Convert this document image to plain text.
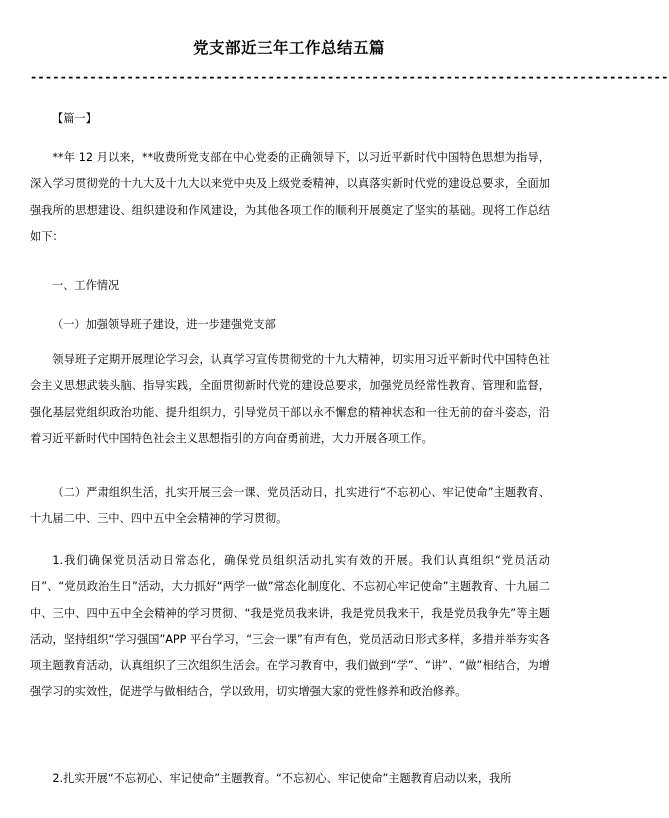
党支部近三年工作总结五篇
--------------------------------------------------------------------------------------

【篇一】

**年 12 月以来，**收费所党支部在中心党委的正确领导下，以习近平新时代中国特色思想为指导，深入学习贯彻党的十九大及十九大以来党中央及上级党委精神，以真落实新时代党的建设总要求，全面加强我所的思想建设、组织建设和作风建设，为其他各项工作的顺利开展奠定了坚实的基础。现将工作总结如下：

一、工作情况

（一）加强领导班子建设，进一步建强党支部

领导班子定期开展理论学习会，认真学习宣传贯彻党的十九大精神，切实用习近平新时代中国特色社会主义思想武装头脑、指导实践，全面贯彻新时代党的建设总要求，加强党员经常性教育、管理和监督，强化基层党组织政治功能、提升组织力，引导党员干部以永不懈怠的精神状态和一往无前的奋斗姿态，沿着习近平新时代中国特色社会主义思想指引的方向奋勇前进，大力开展各项工作。

（二）严肃组织生活，扎实开展三会一课、党员活动日，扎实进行“不忘初心、牢记使命”主题教育、十九届二中、三中、四中五中全会精神的学习贯彻。

1.我们确保党员活动日常态化，确保党员组织活动扎实有效的开展。我们认真组织“党员活动日”、“党员政治生日”活动，大力抓好“两学一做”常态化制度化、不忘初心牢记使命”主题教育、十九届二中、三中、四中五中全会精神的学习贯彻、“我是党员我来讲，我是党员我来干，我是党员我争先”等主题活动，坚持组织“学习强国”APP 平台学习，“三会一课”有声有色，党员活动日形式多样，多措并举夯实各项主题教育活动，认真组织了三次组织生活会。在学习教育中，我们做到“学”、“讲”、“做”相结合，为增强学习的实效性，促进学与做相结合，学以致用，切实增强大家的党性修养和政治修养。

2.扎实开展“不忘初心、牢记使命”主题教育。“不忘初心、牢记使命”主题教育启动以来，我所
